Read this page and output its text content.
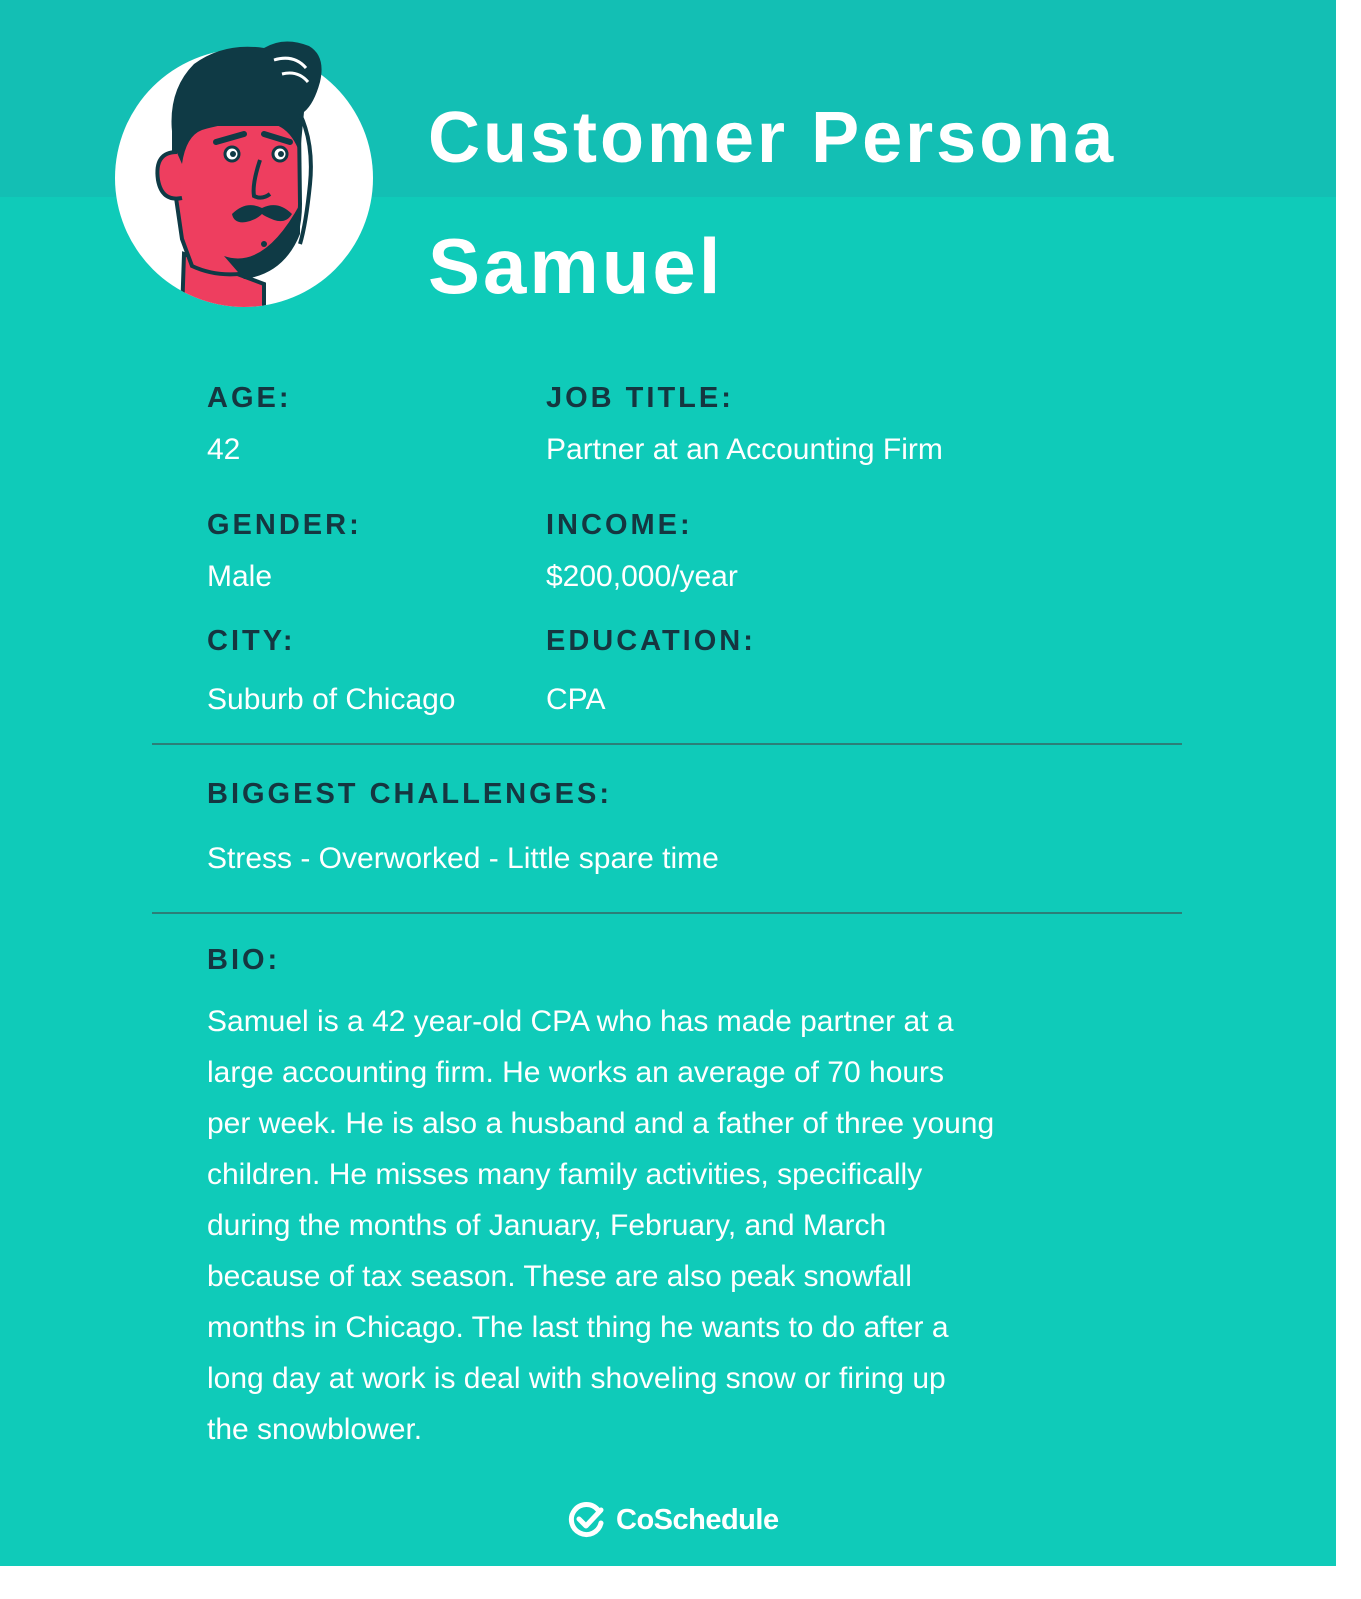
Customer Persona
Samuel
AGE:
42
JOB TITLE:
Partner at an Accounting Firm
GENDER:
Male
INCOME:
$200,000/year
CITY:
Suburb of Chicago
EDUCATION:
CPA
BIGGEST CHALLENGES:
Stress - Overworked - Little spare time
BIO:

Samuel is a 42 year-old CPA who has made partner at a
large accounting firm. He works an average of 70 hours
per week. He is also a husband and a father of three young
children. He misses many family activities, specifically
during the months of January, February, and March
because of tax season. These are also peak snowfall
months in Chicago. The last thing he wants to do after a
long day at work is deal with shoveling snow or firing up
the snowblower.

CoSchedule
